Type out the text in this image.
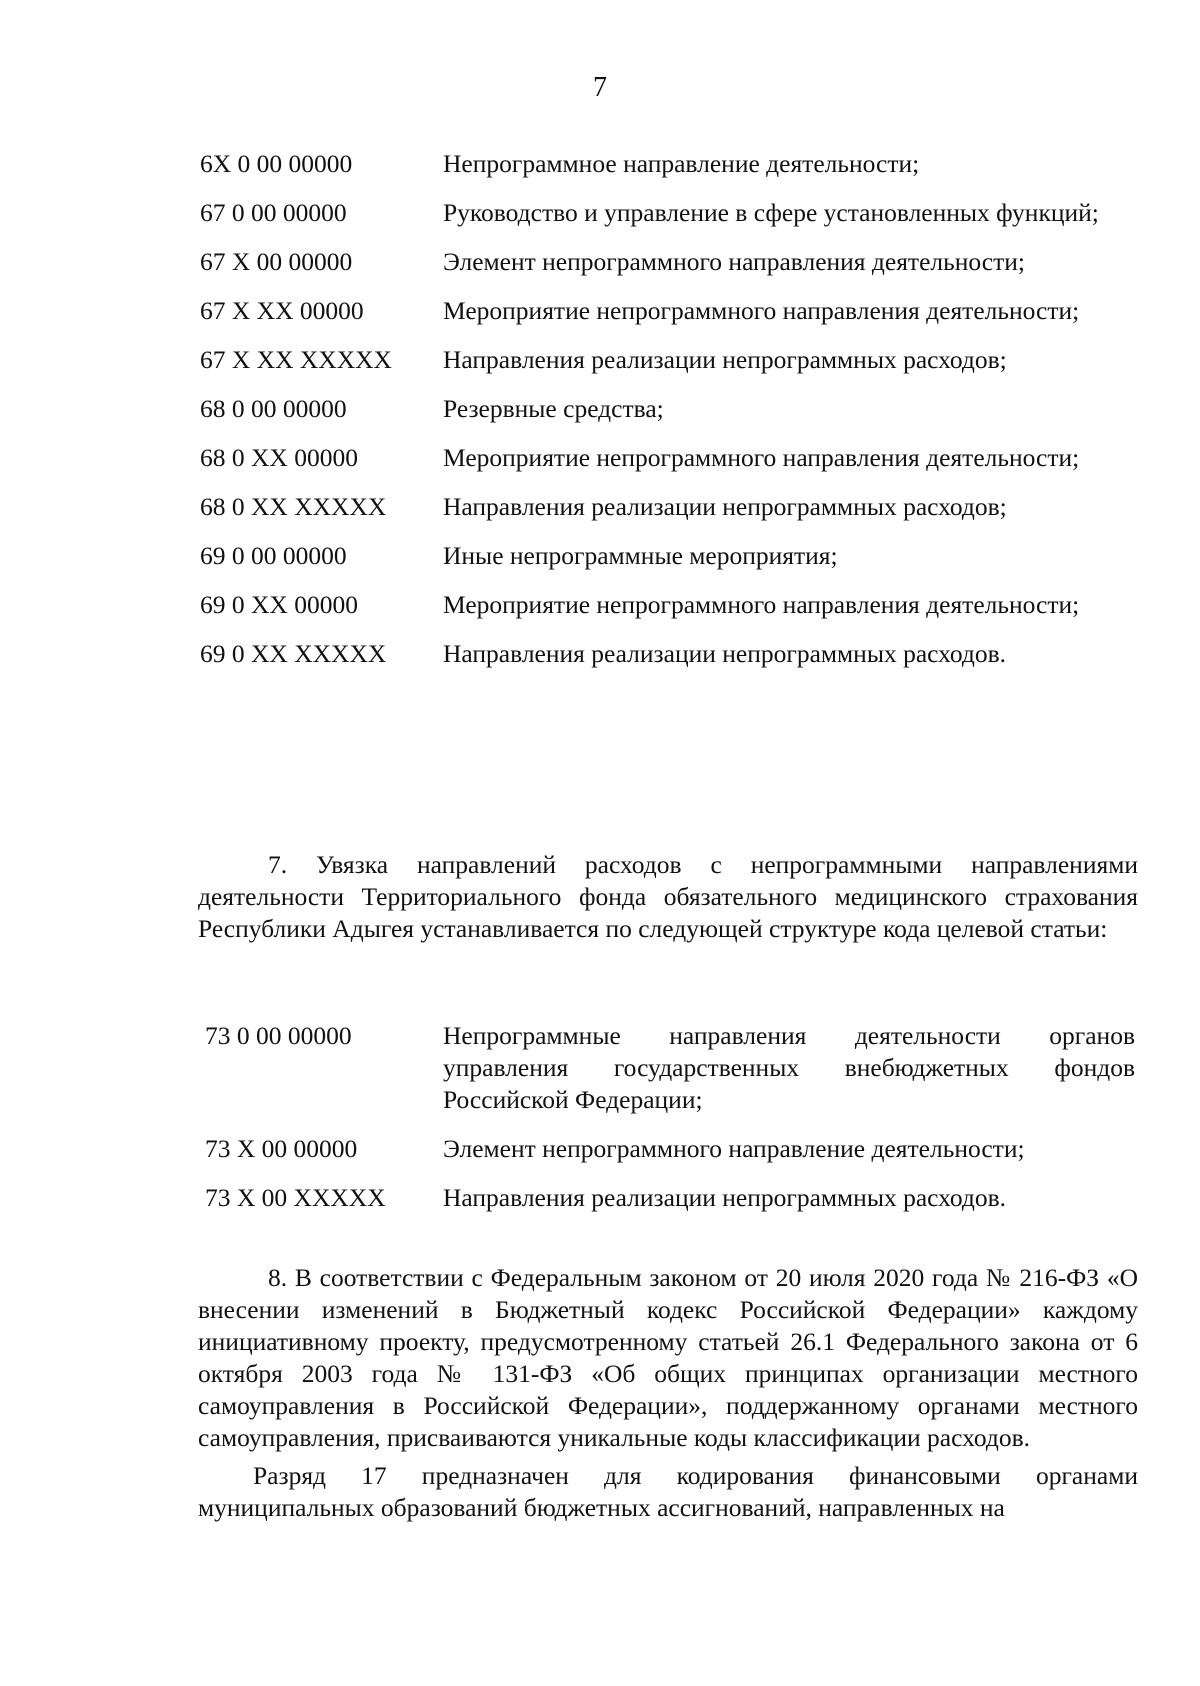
7
6Х 0 00 00000	Непрограммное направление деятельности;
67 0 00 00000	Руководство и управление в сфере установленных функций;
67 Х 00 00000	Элемент непрограммного направления деятельности;
67 Х ХХ 00000	Мероприятие непрограммного направления деятельности;
67 Х ХХ ХХХХХ	Направления реализации непрограммных расходов;
68 0 00 00000	Резервные средства;
68 0 ХХ 00000	Мероприятие непрограммного направления деятельности;
68 0 ХХ ХХХХХ	Направления реализации непрограммных расходов;
69 0 00 00000	Иные непрограммные мероприятия;
69 0 ХХ 00000	Мероприятие непрограммного направления деятельности;
69 0 ХХ ХХХХХ	Направления реализации непрограммных расходов.

7. Увязка направлений расходов с непрограммными направлениями деятельности Территориального фонда обязательного медицинского страхования Республики Адыгея устанавливается по следующей структуре кода целевой статьи:

73 0 00 00000	Непрограммные направления деятельности органов управления государственных внебюджетных фондов Российской Федерации;
73 Х 00 00000	Элемент непрограммного направление деятельности;
73 Х 00 ХХХХХ	Направления реализации непрограммных расходов.

8. В соответствии с Федеральным законом от 20 июля 2020 года № 216-ФЗ «О внесении изменений в Бюджетный кодекс Российской Федерации» каждому инициативному проекту, предусмотренному статьей 26.1 Федерального закона от 6 октября 2003 года № 131-ФЗ «Об общих принципах организации местного самоуправления в Российской Федерации», поддержанному органами местного самоуправления, присваиваются уникальные коды классификации расходов.

Разряд 17 предназначен для кодирования финансовыми органами муниципальных образований бюджетных ассигнований, направленных на
